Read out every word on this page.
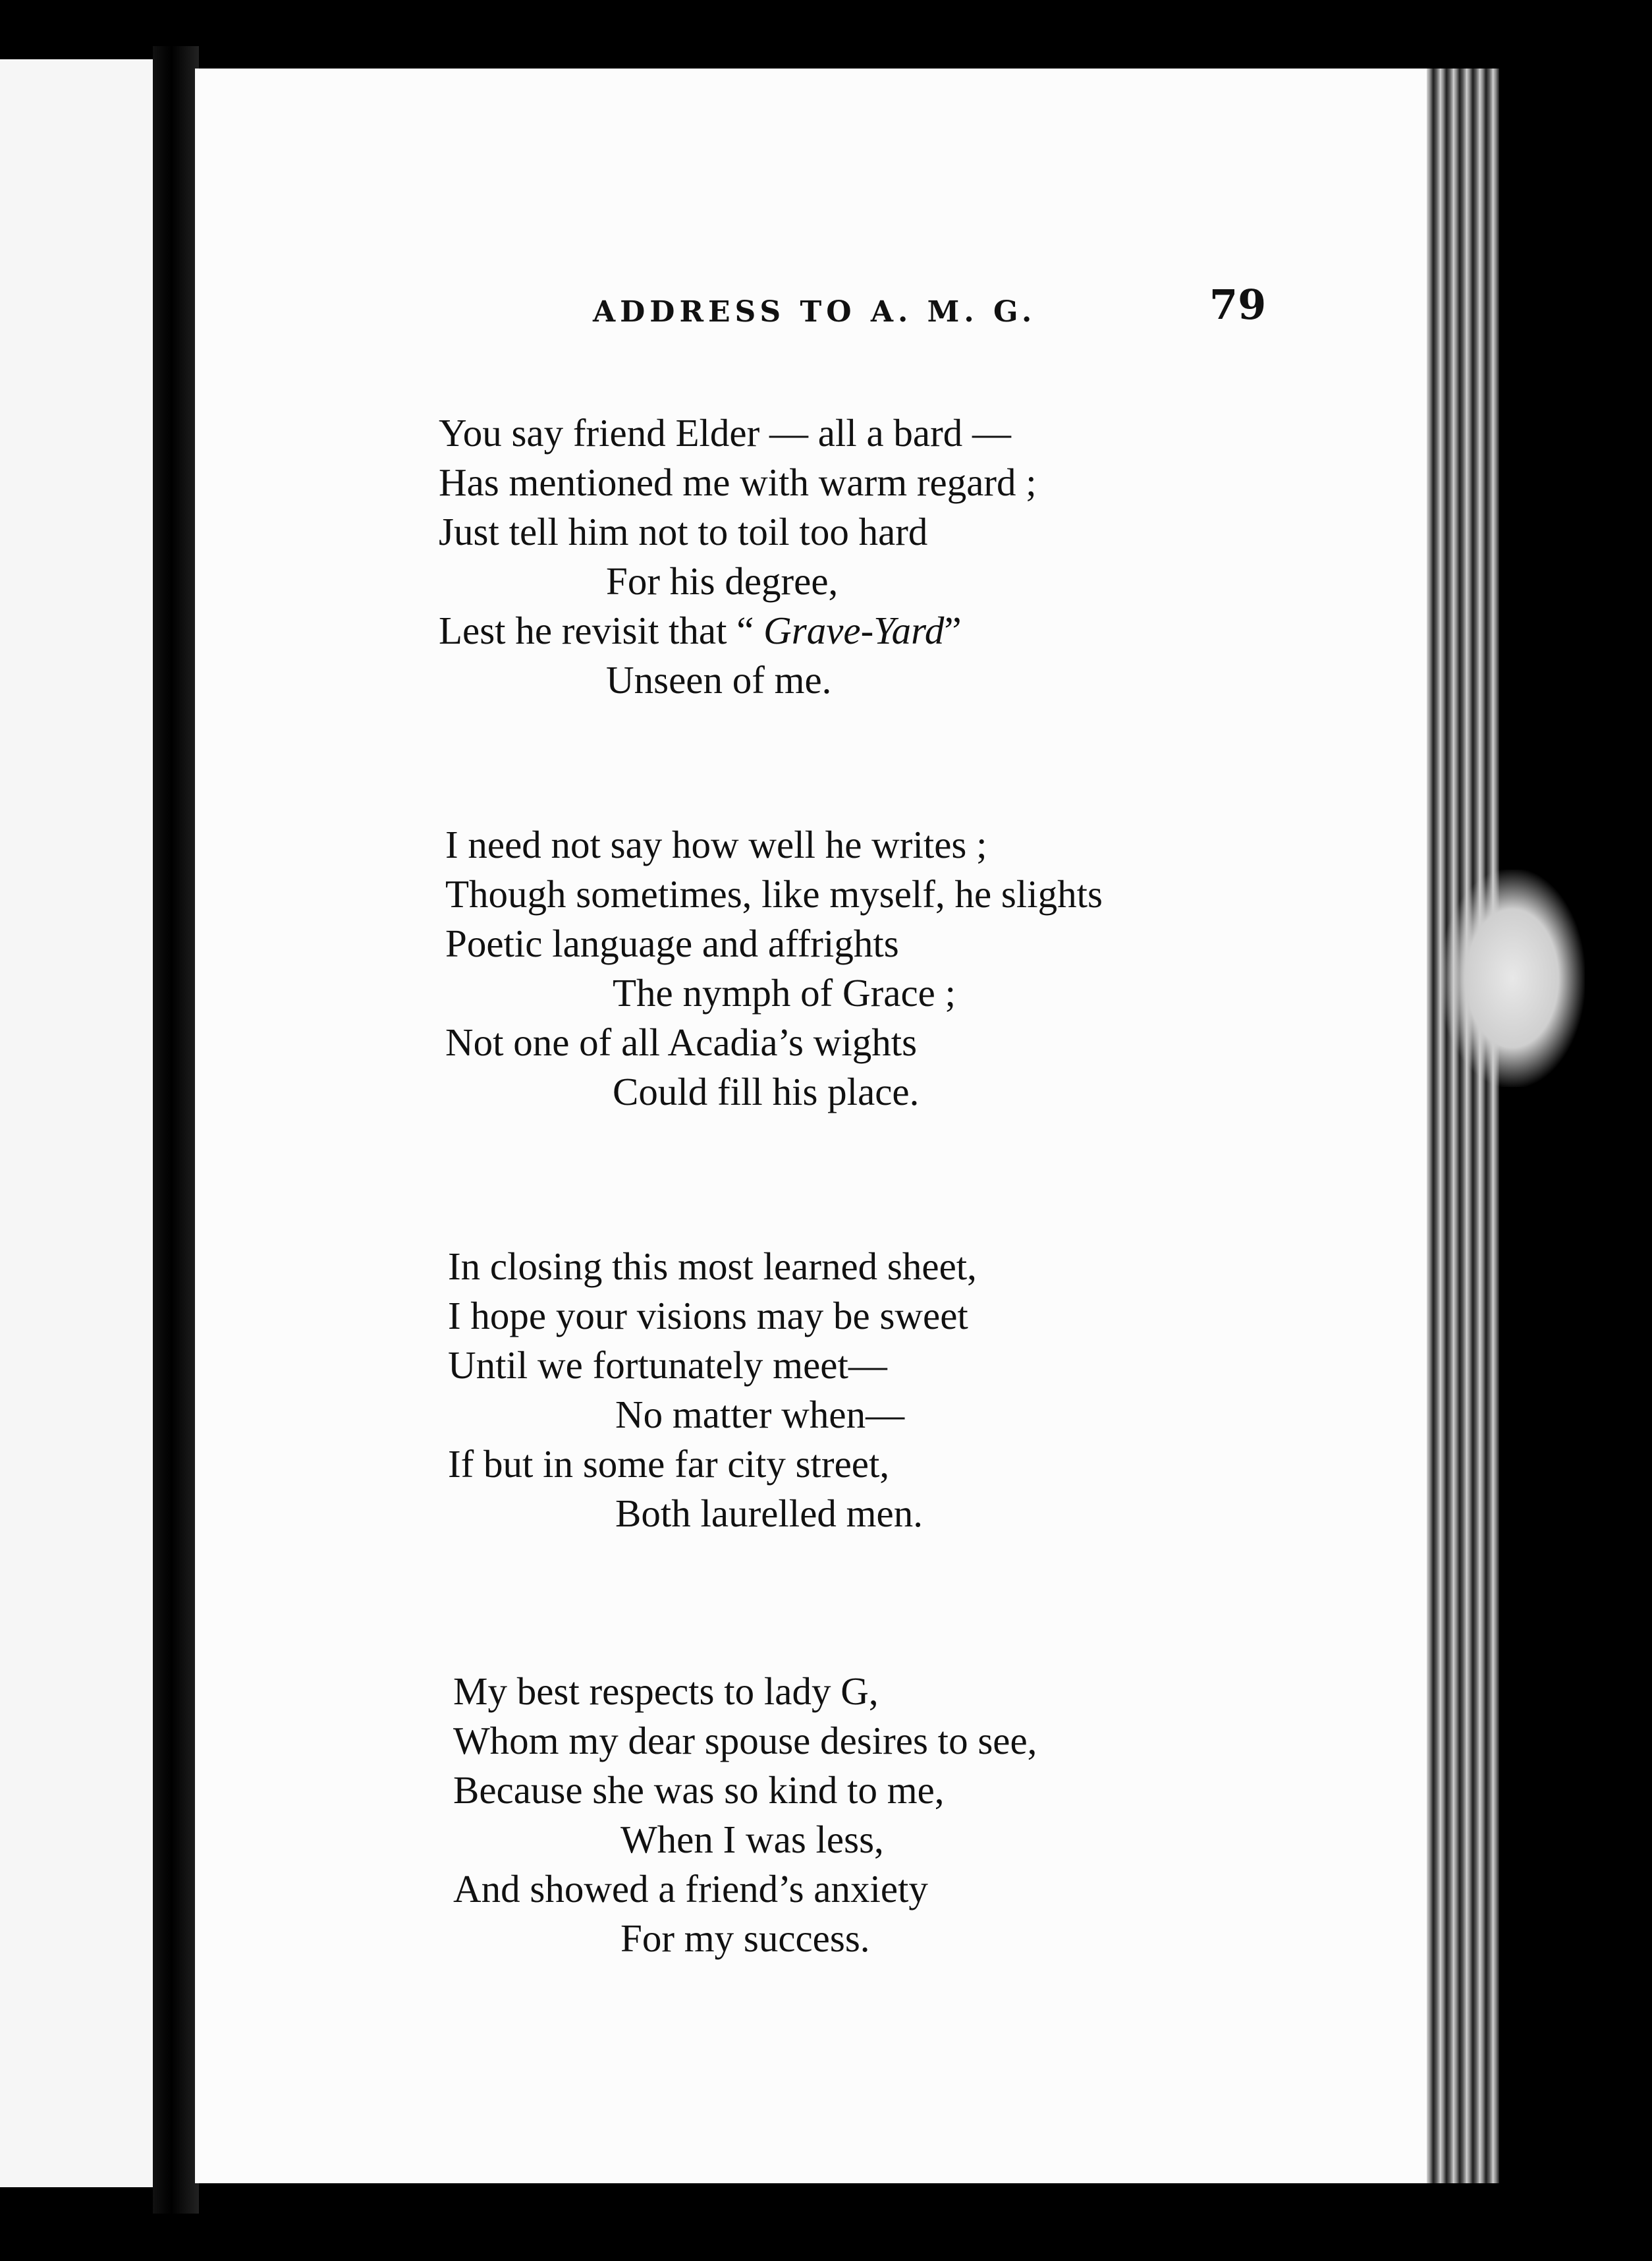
ADDRESS TO A. M. G.	79
You say friend Elder — all a bard —
Has mentioned me with warm regard ;
Just tell him not to toil too hard
For his degree,
Lest he revisit that “ Grave-Yard”
Unseen of me.
I need not say how well he writes ;
Though sometimes, like myself, he slights
Poetic language and affrights
The nymph of Grace ;
Not one of all Acadia’s wights
Could fill his place.
In closing this most learned sheet,
I hope your visions may be sweet
Until we fortunately meet—
No matter when—
If but in some far city street,
Both laurelled men.
My best respects to lady G,
Whom my dear spouse desires to see,
Because she was so kind to me,
When I was less,
And showed a friend’s anxiety
For my success.
